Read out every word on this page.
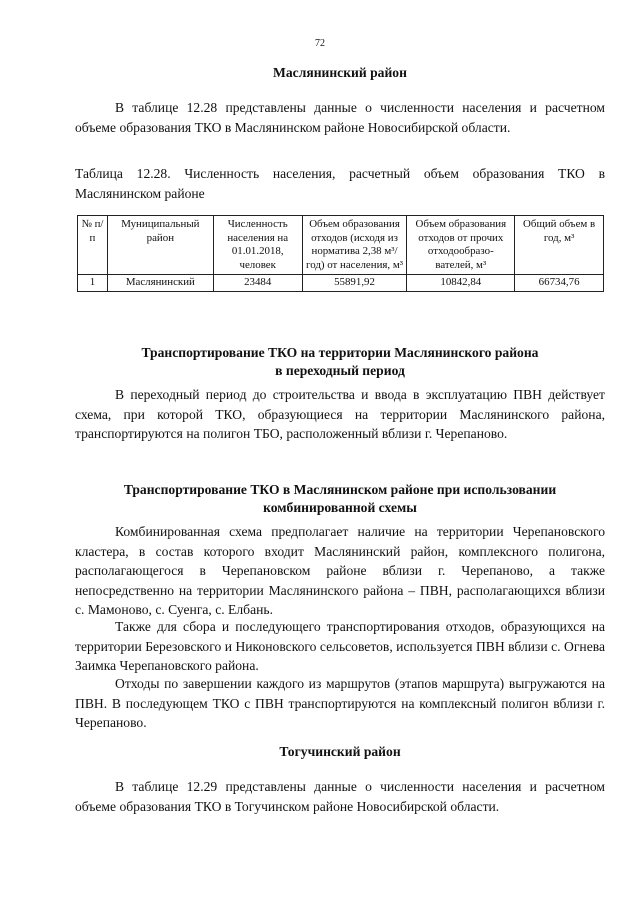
72
Маслянинский район
В таблице 12.28 представлены данные о численности населения и расчетном объеме образования ТКО в Маслянинском районе Новосибирской области.
Таблица 12.28. Численность населения, расчетный объем образования ТКО в Маслянинском районе
№ п/п	Муниципальный район	Численность населения на 01.01.2018, человек	Объем образования отходов (исходя из норматива 2,38 м³/год) от населения, м³	Объем образования отходов от прочих отходообразо-вателей, м³	Общий объем в год, м³
1	Маслянинский	23484	55891,92	10842,84	66734,76
Транспортирование ТКО на территории Маслянинского района
в переходный период
В переходный период до строительства и ввода в эксплуатацию ПВН действует схема, при которой ТКО, образующиеся на территории Маслянинского района, транспортируются на полигон ТБО, расположенный вблизи г. Черепаново.
Транспортирование ТКО в Маслянинском районе при использовании
комбинированной схемы
Комбинированная схема предполагает наличие на территории Черепановского кластера, в состав которого входит Маслянинский район, комплексного полигона, располагающегося в Черепановском районе вблизи г. Черепаново, а также непосредственно на территории Маслянинского района – ПВН, располагающихся вблизи с. Мамоново, с. Суенга, с. Елбань.
Также для сбора и последующего транспортирования отходов, образующихся на территории Березовского и Никоновского сельсоветов, используется ПВН вблизи с. Огнева Заимка Черепановского района.
Отходы по завершении каждого из маршрутов (этапов маршрута) выгружаются на ПВН. В последующем ТКО с ПВН транспортируются на комплексный полигон вблизи г. Черепаново.
Тогучинский район
В таблице 12.29 представлены данные о численности населения и расчетном объеме образования ТКО в Тогучинском районе Новосибирской области.
